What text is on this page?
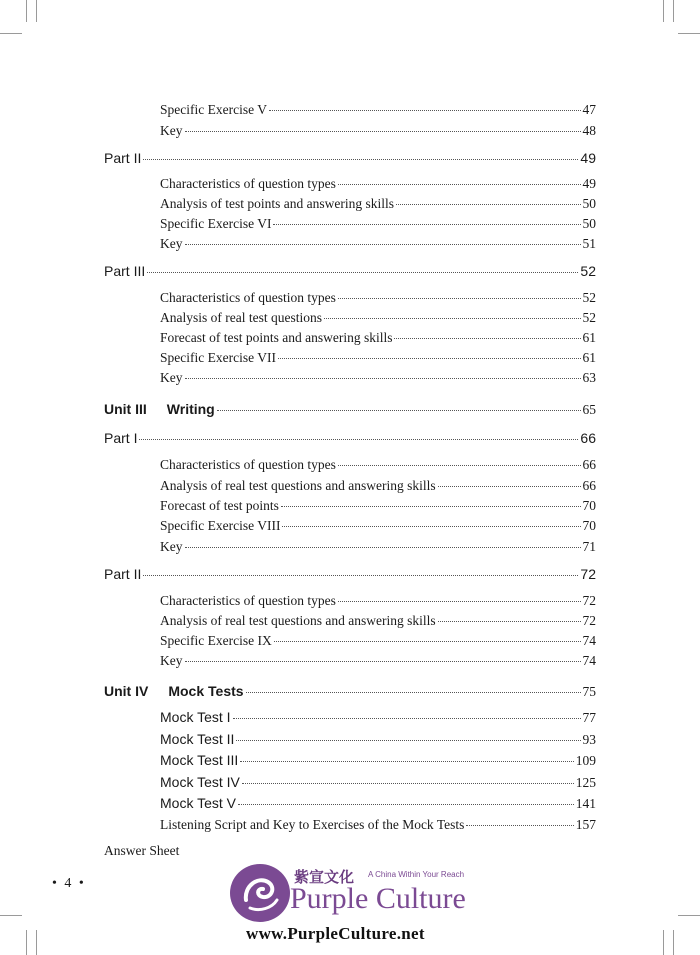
Specific Exercise V	47
Key	48
Part II	49
Characteristics of question types	49
Analysis of test points and answering skills	50
Specific Exercise VI	50
Key	51
Part III	52
Characteristics of question types	52
Analysis of real test questions	52
Forecast of test points and answering skills	61
Specific Exercise VII	61
Key	63
Unit III Writing	65
Part I	66
Characteristics of question types	66
Analysis of real test questions and answering skills	66
Forecast of test points	70
Specific Exercise VIII	70
Key	71
Part II	72
Characteristics of question types	72
Analysis of real test questions and answering skills	72
Specific Exercise IX	74
Key	74
Unit IV Mock Tests	75
Mock Test I	77
Mock Test II	93
Mock Test III	109
Mock Test IV	125
Mock Test V	141
Listening Script and Key to Exercises of the Mock Tests	157
Answer Sheet
• 4 •	紫宣文化 A China Within Your Reach
Purple Culture
www.PurpleCulture.net
